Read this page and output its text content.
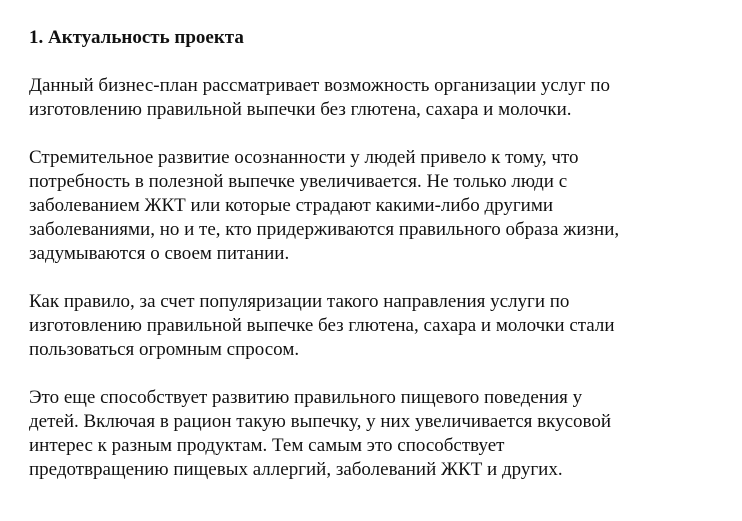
1. Актуальность проекта

Данный бизнес-план рассматривает возможность организации услуг по
изготовлению правильной выпечки без глютена, сахара и молочки.

Стремительное развитие осознанности у людей привело к тому, что
потребность в полезной выпечке увеличивается. Не только люди с
заболеванием ЖКТ или которые страдают какими-либо другими
заболеваниями, но и те, кто придерживаются правильного образа жизни,
задумываются о своем питании.

Как правило, за счет популяризации такого направления услуги по
изготовлению правильной выпечке без глютена, сахара и молочки стали
пользоваться огромным спросом.

Это еще способствует развитию правильного пищевого поведения у
детей. Включая в рацион такую выпечку, у них увеличивается вкусовой
интерес к разным продуктам. Тем самым это способствует
предотвращению пищевых аллергий, заболеваний ЖКТ и других.
